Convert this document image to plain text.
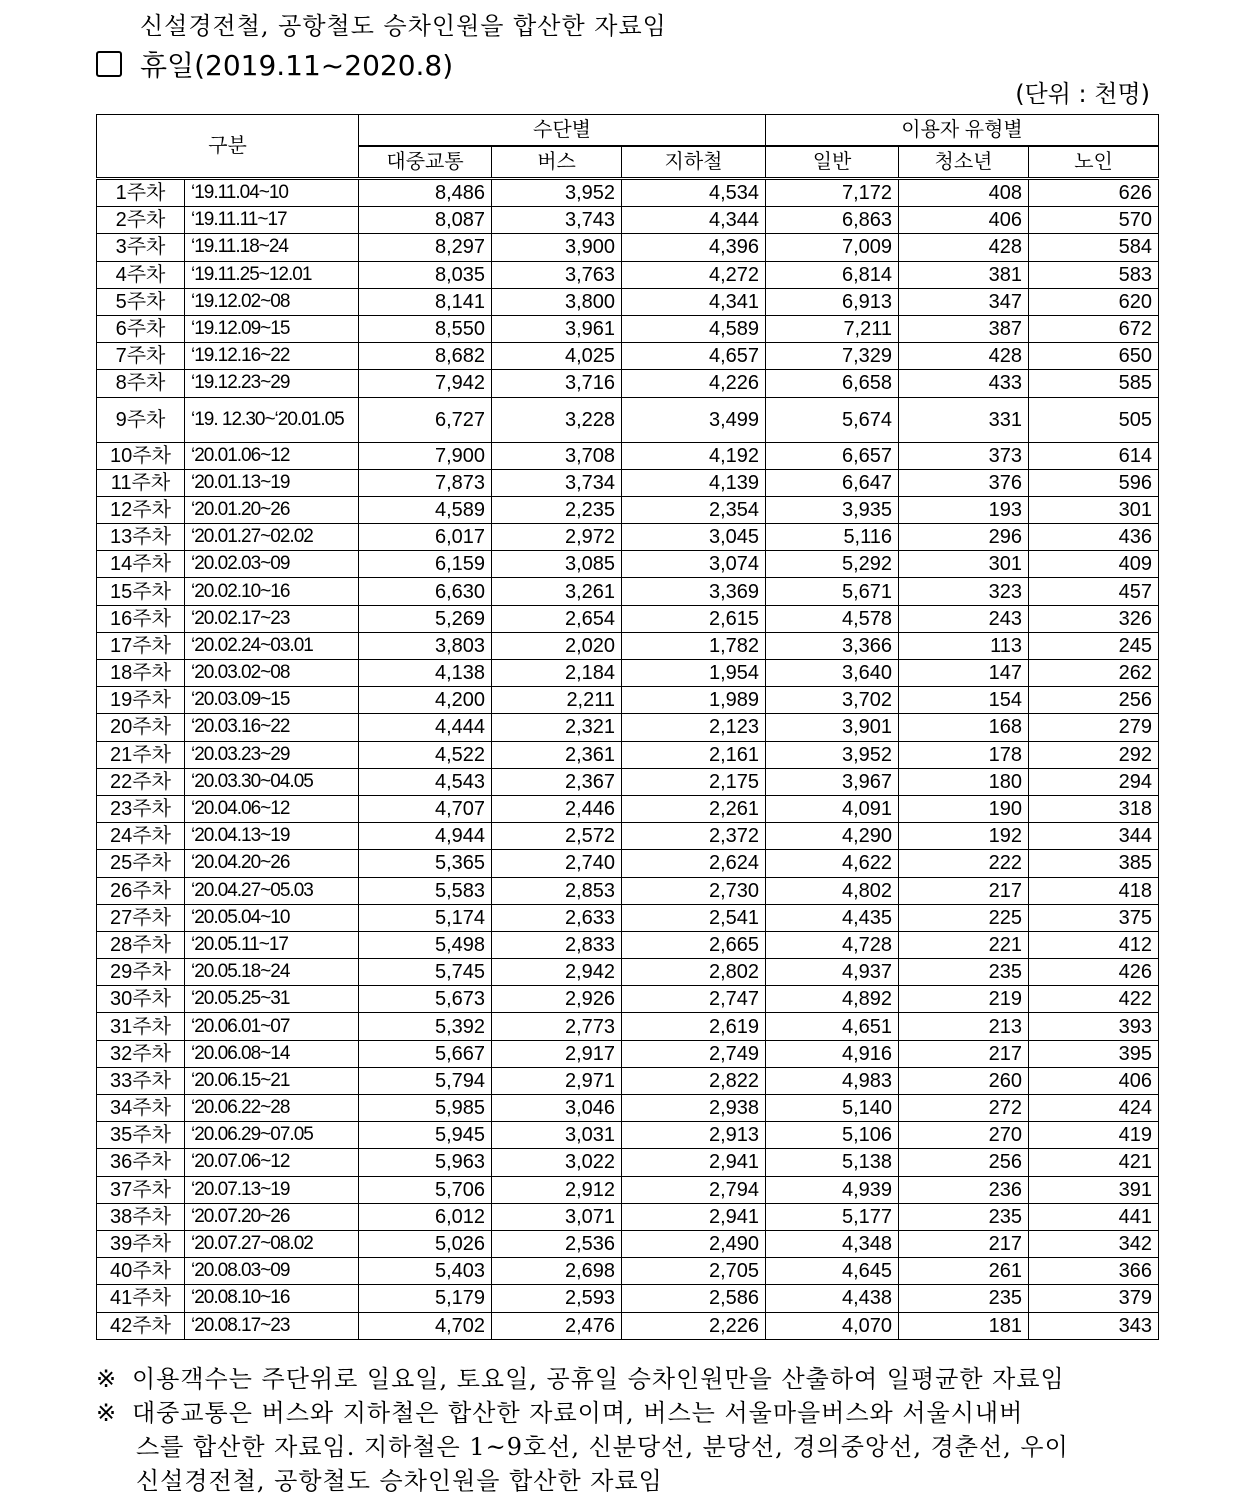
신설경전철, 공항철도 승차인원을 합산한 자료임
휴일(2019.11~2020.8)
(단위 : 천명)
구분		수단별			이용자 유형별		
		대중교통	버스	지하철	일반	청소년	노인
1주차	‘19.11.04~10	8,486	3,952	4,534	7,172	408	626
2주차	‘19.11.11~17	8,087	3,743	4,344	6,863	406	570
3주차	‘19.11.18~24	8,297	3,900	4,396	7,009	428	584
4주차	‘19.11.25~12.01	8,035	3,763	4,272	6,814	381	583
5주차	‘19.12.02~08	8,141	3,800	4,341	6,913	347	620
6주차	‘19.12.09~15	8,550	3,961	4,589	7,211	387	672
7주차	‘19.12.16~22	8,682	4,025	4,657	7,329	428	650
8주차	‘19.12.23~29	7,942	3,716	4,226	6,658	433	585
9주차	‘19. 12.30~‘20.01.05	6,727	3,228	3,499	5,674	331	505
10주차	‘20.01.06~12	7,900	3,708	4,192	6,657	373	614
11주차	‘20.01.13~19	7,873	3,734	4,139	6,647	376	596
12주차	‘20.01.20~26	4,589	2,235	2,354	3,935	193	301
13주차	‘20.01.27~02.02	6,017	2,972	3,045	5,116	296	436
14주차	‘20.02.03~09	6,159	3,085	3,074	5,292	301	409
15주차	‘20.02.10~16	6,630	3,261	3,369	5,671	323	457
16주차	‘20.02.17~23	5,269	2,654	2,615	4,578	243	326
17주차	‘20.02.24~03.01	3,803	2,020	1,782	3,366	113	245
18주차	‘20.03.02~08	4,138	2,184	1,954	3,640	147	262
19주차	‘20.03.09~15	4,200	2,211	1,989	3,702	154	256
20주차	‘20.03.16~22	4,444	2,321	2,123	3,901	168	279
21주차	‘20.03.23~29	4,522	2,361	2,161	3,952	178	292
22주차	‘20.03.30~04.05	4,543	2,367	2,175	3,967	180	294
23주차	‘20.04.06~12	4,707	2,446	2,261	4,091	190	318
24주차	‘20.04.13~19	4,944	2,572	2,372	4,290	192	344
25주차	‘20.04.20~26	5,365	2,740	2,624	4,622	222	385
26주차	‘20.04.27~05.03	5,583	2,853	2,730	4,802	217	418
27주차	‘20.05.04~10	5,174	2,633	2,541	4,435	225	375
28주차	‘20.05.11~17	5,498	2,833	2,665	4,728	221	412
29주차	‘20.05.18~24	5,745	2,942	2,802	4,937	235	426
30주차	‘20.05.25~31	5,673	2,926	2,747	4,892	219	422
31주차	‘20.06.01~07	5,392	2,773	2,619	4,651	213	393
32주차	‘20.06.08~14	5,667	2,917	2,749	4,916	217	395
33주차	‘20.06.15~21	5,794	2,971	2,822	4,983	260	406
34주차	‘20.06.22~28	5,985	3,046	2,938	5,140	272	424
35주차	‘20.06.29~07.05	5,945	3,031	2,913	5,106	270	419
36주차	‘20.07.06~12	5,963	3,022	2,941	5,138	256	421
37주차	‘20.07.13~19	5,706	2,912	2,794	4,939	236	391
38주차	‘20.07.20~26	6,012	3,071	2,941	5,177	235	441
39주차	‘20.07.27~08.02	5,026	2,536	2,490	4,348	217	342
40주차	‘20.08.03~09	5,403	2,698	2,705	4,645	261	366
41주차	‘20.08.10~16	5,179	2,593	2,586	4,438	235	379
42주차	‘20.08.17~23	4,702	2,476	2,226	4,070	181	343
※ 이용객수는 주단위로 일요일, 토요일, 공휴일 승차인원만을 산출하여 일평균한 자료임
※ 대중교통은 버스와 지하철은 합산한 자료이며, 버스는 서울마을버스와 서울시내버
스를 합산한 자료임. 지하철은 1~9호선, 신분당선, 분당선, 경의중앙선, 경춘선, 우이
신설경전철, 공항철도 승차인원을 합산한 자료임
